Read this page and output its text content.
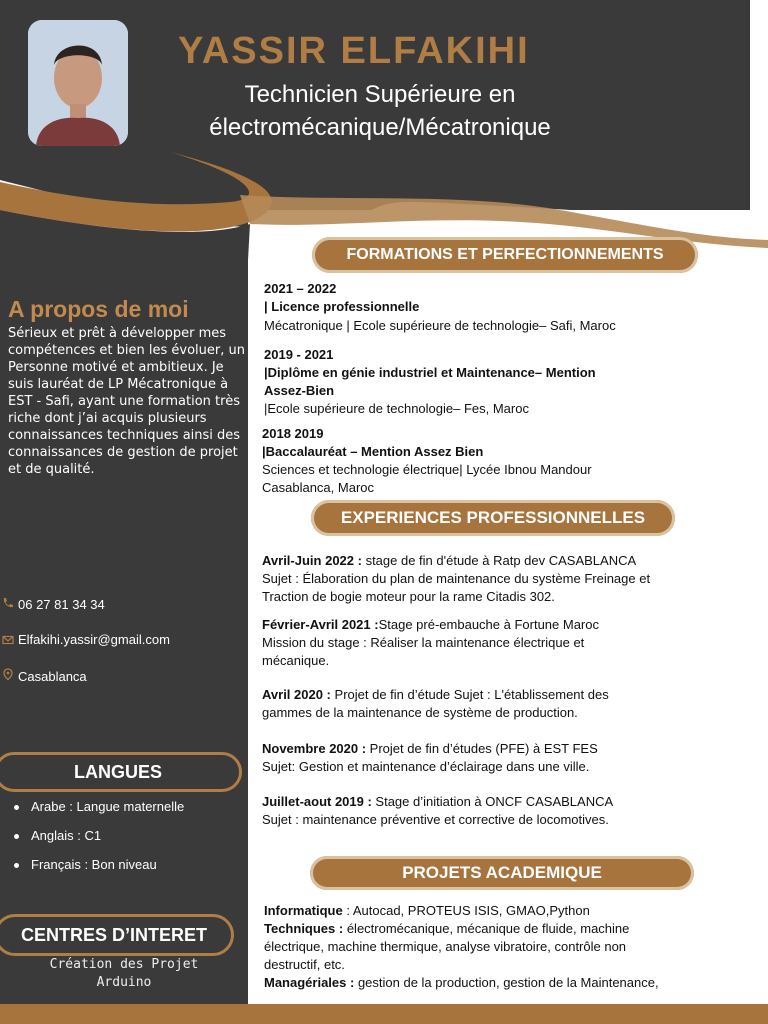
YASSIR ELFAKIHI
Technicien Supérieure en
électromécanique/Mécatronique
A propos de moi
Sérieux et prêt à développer mes compétences et bien les évoluer, un Personne motivé et ambitieux. Je suis lauréat de LP Mécatronique à EST - Safi, ayant une formation très riche dont j’ai acquis plusieurs connaissances techniques ainsi des connaissances de gestion de projet et de qualité.
06 27 81 34 34
Elfakihi.yassir@gmail.com
Casablanca
LANGUES
Arabe : Langue maternelle
Anglais : C1
Français : Bon niveau
CENTRES D’INTERET
Création des Projet
Arduino
FORMATIONS ET PERFECTIONNEMENTS
2021 – 2022
| Licence professionnelle
Mécatronique | Ecole supérieure de technologie– Safi, Maroc
2019 - 2021
|Diplôme en génie industriel et Maintenance– Mention
Assez-Bien
|Ecole supérieure de technologie– Fes, Maroc
2018 2019
|Baccalauréat – Mention Assez Bien
Sciences et technologie électrique| Lycée Ibnou Mandour
Casablanca, Maroc
EXPERIENCES PROFESSIONNELLES
Avril-Juin 2022 : stage de fin d'étude à Ratp dev CASABLANCA
Sujet : Élaboration du plan de maintenance du système Freinage et
Traction de bogie moteur pour la rame Citadis 302.
Février-Avril 2021 :Stage pré-embauche à Fortune Maroc
Mission du stage : Réaliser la maintenance électrique et
mécanique.
Avril 2020 : Projet de fin d’étude Sujet : L'établissement des
gammes de la maintenance de système de production.
Novembre 2020 : Projet de fin d’études (PFE) à EST FES
Sujet: Gestion et maintenance d’éclairage dans une ville.
Juillet-aout 2019 : Stage d’initiation à ONCF CASABLANCA
Sujet : maintenance préventive et corrective de locomotives.
PROJETS ACADEMIQUE
Informatique : Autocad, PROTEUS ISIS, GMAO,Python
Techniques : électromécanique, mécanique de fluide, machine
électrique, machine thermique, analyse vibratoire, contrôle non
destructif, etc.
Managériales : gestion de la production, gestion de la Maintenance,
